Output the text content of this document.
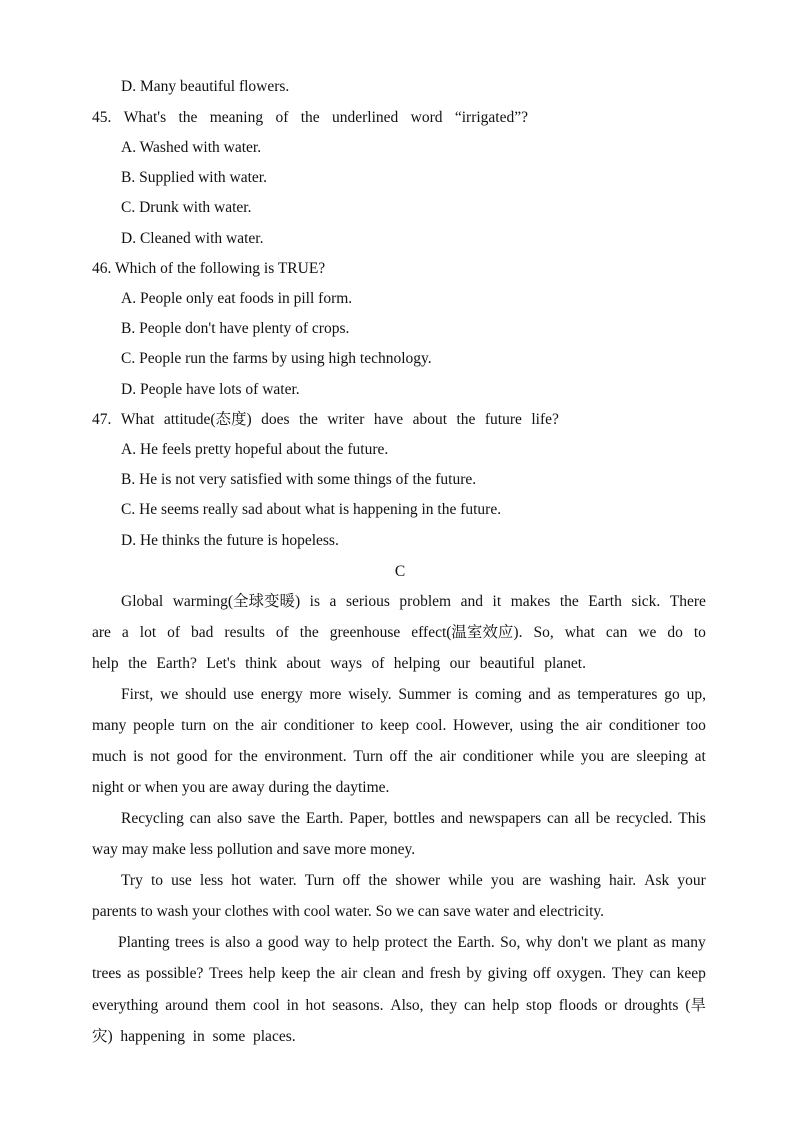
D. Many beautiful flowers.
45. What's the meaning of the underlined word “irrigated”?
A. Washed with water.
B. Supplied with water.
C. Drunk with water.
D. Cleaned with water.
46. Which of the following is TRUE?
A. People only eat foods in pill form.
B. People don't have plenty of crops.
C. People run the farms by using high technology.
D. People have lots of water.
47. What attitude(态度) does the writer have about the future life?
A. He feels pretty hopeful about the future.
B. He is not very satisfied with some things of the future.
C. He seems really sad about what is happening in the future.
D. He thinks the future is hopeless.
C
Global warming(全球变暖) is a serious problem and it makes the Earth sick. There
are a lot of bad results of the greenhouse effect(温室效应). So, what can we do to
help the Earth? Let's think about ways of helping our beautiful planet.
First, we should use energy more wisely. Summer is coming and as temperatures go up,
many people turn on the air conditioner to keep cool. However, using the air conditioner too
much is not good for the environment. Turn off the air conditioner while you are sleeping at
night or when you are away during the daytime.
Recycling can also save the Earth. Paper, bottles and newspapers can all be recycled. This
way may make less pollution and save more money.
Try to use less hot water. Turn off the shower while you are washing hair. Ask your
parents to wash your clothes with cool water. So we can save water and electricity.
Planting trees is also a good way to help protect the Earth. So, why don't we plant as many
trees as possible? Trees help keep the air clean and fresh by giving off oxygen. They can keep
everything around them cool in hot seasons. Also, they can help stop floods or droughts (旱
灾)  happening  in  some  places.
